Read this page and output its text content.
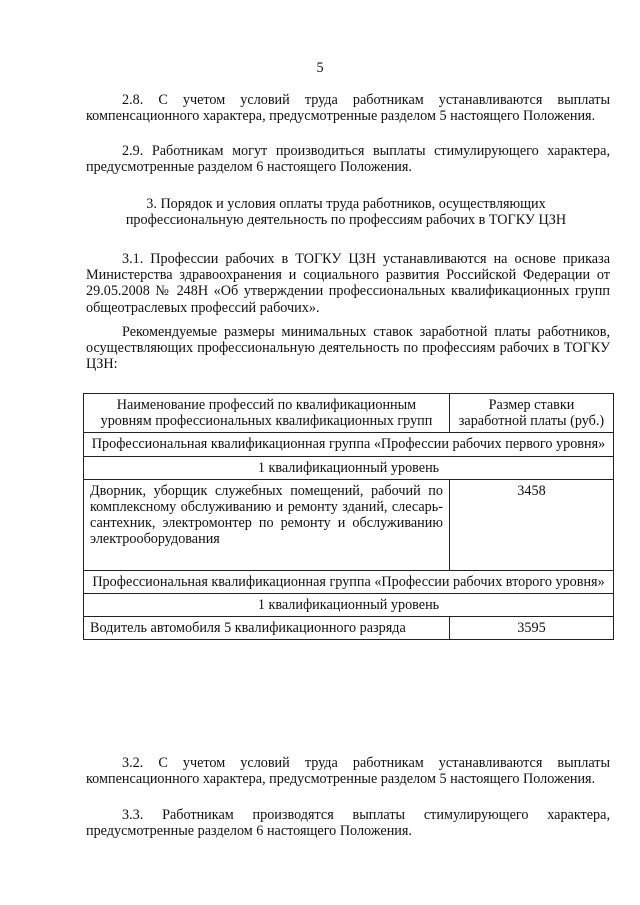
5
2.8. С учетом условий труда работникам устанавливаются выплаты компенсационного характера, предусмотренные разделом 5 настоящего Положения.
2.9. Работникам могут производиться выплаты стимулирующего характера, предусмотренные разделом 6 настоящего Положения.
3. Порядок и условия оплаты труда работников, осуществляющих профессиональную деятельность по профессиям рабочих в ТОГКУ ЦЗН
3.1. Профессии рабочих в ТОГКУ ЦЗН устанавливаются на основе приказа Министерства здравоохранения и социального развития Российской Федерации от 29.05.2008 № 248Н «Об утверждении профессиональных квалификационных групп общеотраслевых профессий рабочих».
Рекомендуемые размеры минимальных ставок заработной платы работников, осуществляющих профессиональную деятельность по профессиям рабочих в ТОГКУ ЦЗН:
Наименование профессий по квалификационным уровням профессиональных квалификационных групп	Размер ставки заработной платы (руб.)
Профессиональная квалификационная группа «Профессии рабочих первого уровня»	
1 квалификационный уровень	
Дворник, уборщик служебных помещений, рабочий по комплексному обслуживанию и ремонту зданий, слесарь-сантехник, электромонтер по ремонту и обслуживанию электрооборудования	3458
Профессиональная квалификационная группа «Профессии рабочих второго уровня»	
1 квалификационный уровень	
Водитель автомобиля 5 квалификационного разряда	3595
3.2. С учетом условий труда работникам устанавливаются выплаты компенсационного характера, предусмотренные разделом 5 настоящего Положения.
3.3. Работникам производятся выплаты стимулирующего характера, предусмотренные разделом 6 настоящего Положения.
